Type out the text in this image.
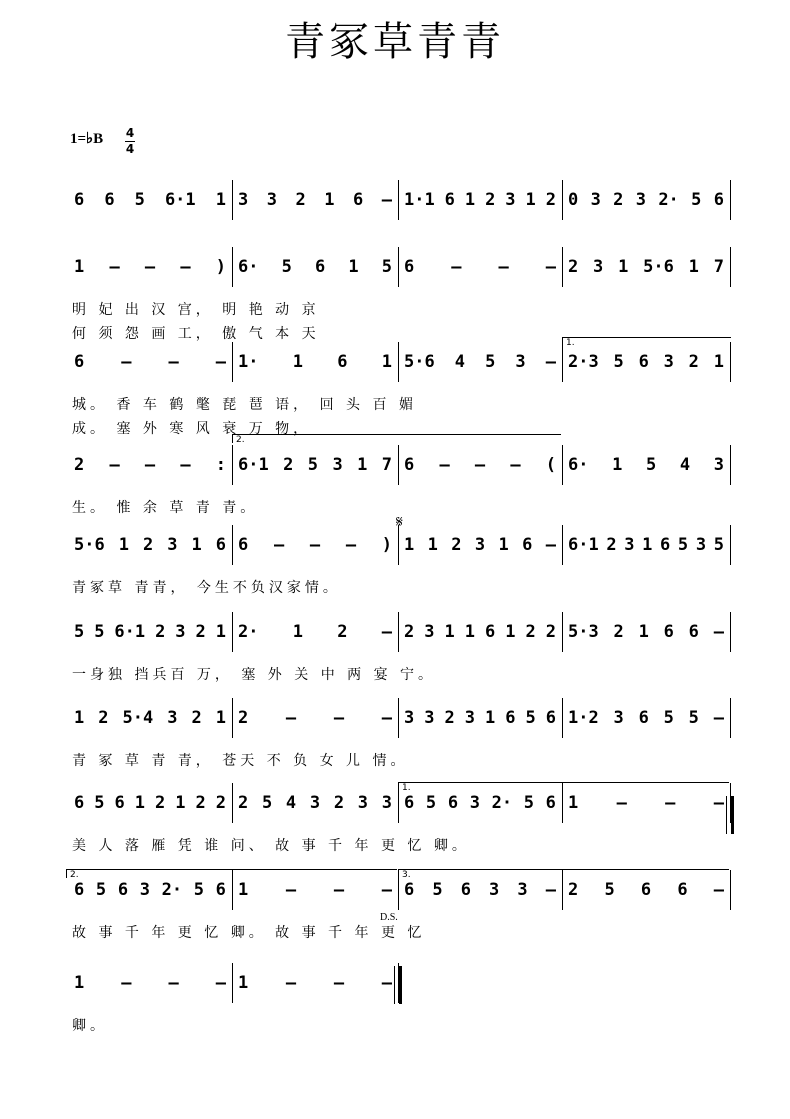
青冢草青青
1=♭B 4
4
6 6 5 6·1 1 3 3 2 1 6 – 1·1 6 1 2 3 1 2 0 3 2 3 2· 5 6
1 – – – ) 6· 5 6 1 5 6 – – – 2 3 1 5·6 1 7
明 妃 出 汉 宫， 明 艳 动 京
何 须 怨 画 工， 傲 气 本 天
6 – – – 1· 1 6 1 5·6 4 5 3 – 2·3 5 6 3 2 1
城。 香 车 鹤 氅 琵 琶 语， 回 头 百 媚
成。 塞 外 寒 风 衰 万 物，
2 – – – : 6·1 2 5 3 1 7 6 – – – ( 6· 1 5 4 3
生。 惟 余 草 青 青。
5·6 1 2 3 1 6 6 – – – ) 1 1 2 3 1 6 – 6·1 2 3 1 6 5 3 5
青冢草 青青， 今生不负汉家情。
5 5 6·1 2 3 2 1 2· 1 2 – 2 3 1 1 6 1 2 2 5·3 2 1 6 6 –
一身独 挡兵百 万， 塞 外 关 中 两 宴 宁。
1 2 5·4 3 2 1 2 – – – 3 3 2 3 1 6 5 6 1·2 3 6 5 5 –
青 冢 草 青 青， 苍天 不 负 女 儿 情。
6 5 6 1 2 1 2 2 2 5 4 3 2 3 3 6 5 6 3 2· 5 6 1 – – –
美 人 落 雁 凭 谁 问、 故 事 千 年 更 忆 卿。
6 5 6 3 2· 5 6 1 – – – 6 5 6 3 3 – 2 5 6 6 –
故 事 千 年 更 忆 卿。 故 事 千 年 更 忆
1 – – – 1 – – –
卿。
1.
2.
1.
2.	3.
𝄋
D.S.
